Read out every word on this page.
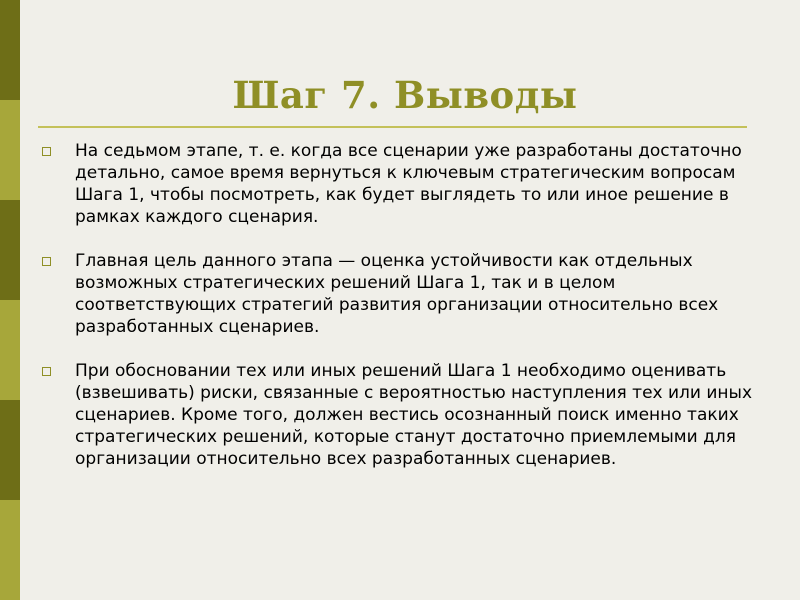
Шаг 7. Выводы
На седьмом этапе, т. е. когда все сценарии уже разработаны достаточно детально, самое время вернуться к ключевым стратегическим вопросам Шага 1, чтобы посмотреть, как будет выглядеть то или иное решение в рамках каждого сценария.
Главная цель данного этапа — оценка устойчивости как отдельных возможных стратегических решений Шага 1, так и в целом соответствующих стратегий развития организации относительно всех разработанных сценариев.
При обосновании тех или иных решений Шага 1 необходимо оценивать (взвешивать) риски, связанные с вероятностью наступления тех или иных сценариев. Кроме того, должен вестись осознанный поиск именно таких стратегических решений, которые станут достаточно приемлемыми для организации относительно всех разработанных сценариев.
